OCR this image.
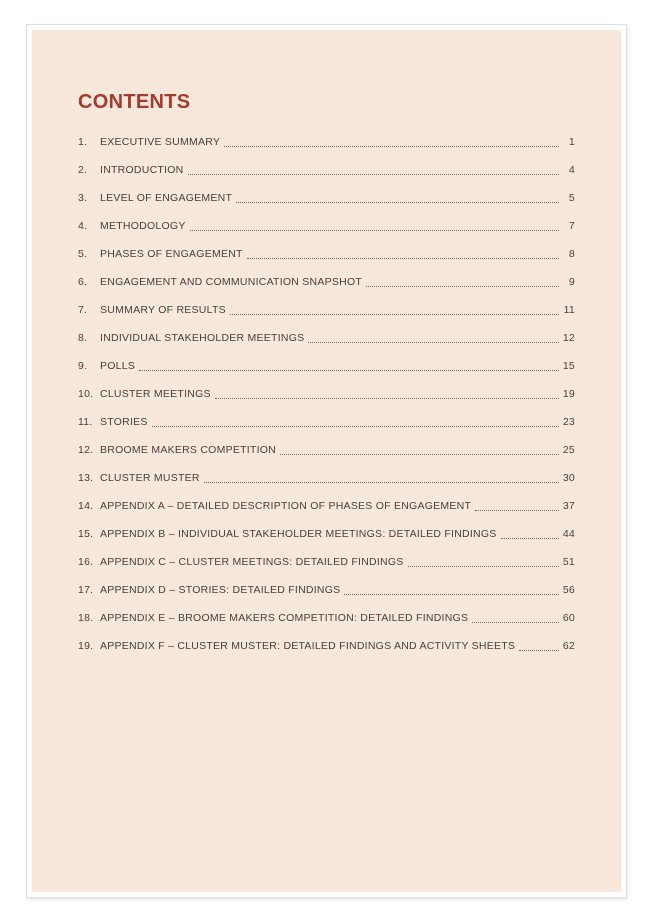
CONTENTS
1.	EXECUTIVE SUMMARY	1
2.	INTRODUCTION	4
3.	LEVEL OF ENGAGEMENT	5
4.	METHODOLOGY	7
5.	PHASES OF ENGAGEMENT	8
6.	ENGAGEMENT AND COMMUNICATION SNAPSHOT	9
7.	SUMMARY OF RESULTS	11
8.	INDIVIDUAL STAKEHOLDER MEETINGS	12
9.	POLLS	15
10. CLUSTER MEETINGS	19
11. STORIES	23
12. BROOME MAKERS COMPETITION	25
13. CLUSTER MUSTER	30
14. APPENDIX A – DETAILED DESCRIPTION OF PHASES OF ENGAGEMENT	37
15. APPENDIX B – INDIVIDUAL STAKEHOLDER MEETINGS: DETAILED FINDINGS	44
16. APPENDIX C – CLUSTER MEETINGS: DETAILED FINDINGS	51
17. APPENDIX D – STORIES: DETAILED FINDINGS	56
18. APPENDIX E – BROOME MAKERS COMPETITION: DETAILED FINDINGS	60
19. APPENDIX F – CLUSTER MUSTER: DETAILED FINDINGS AND ACTIVITY SHEETS	62
